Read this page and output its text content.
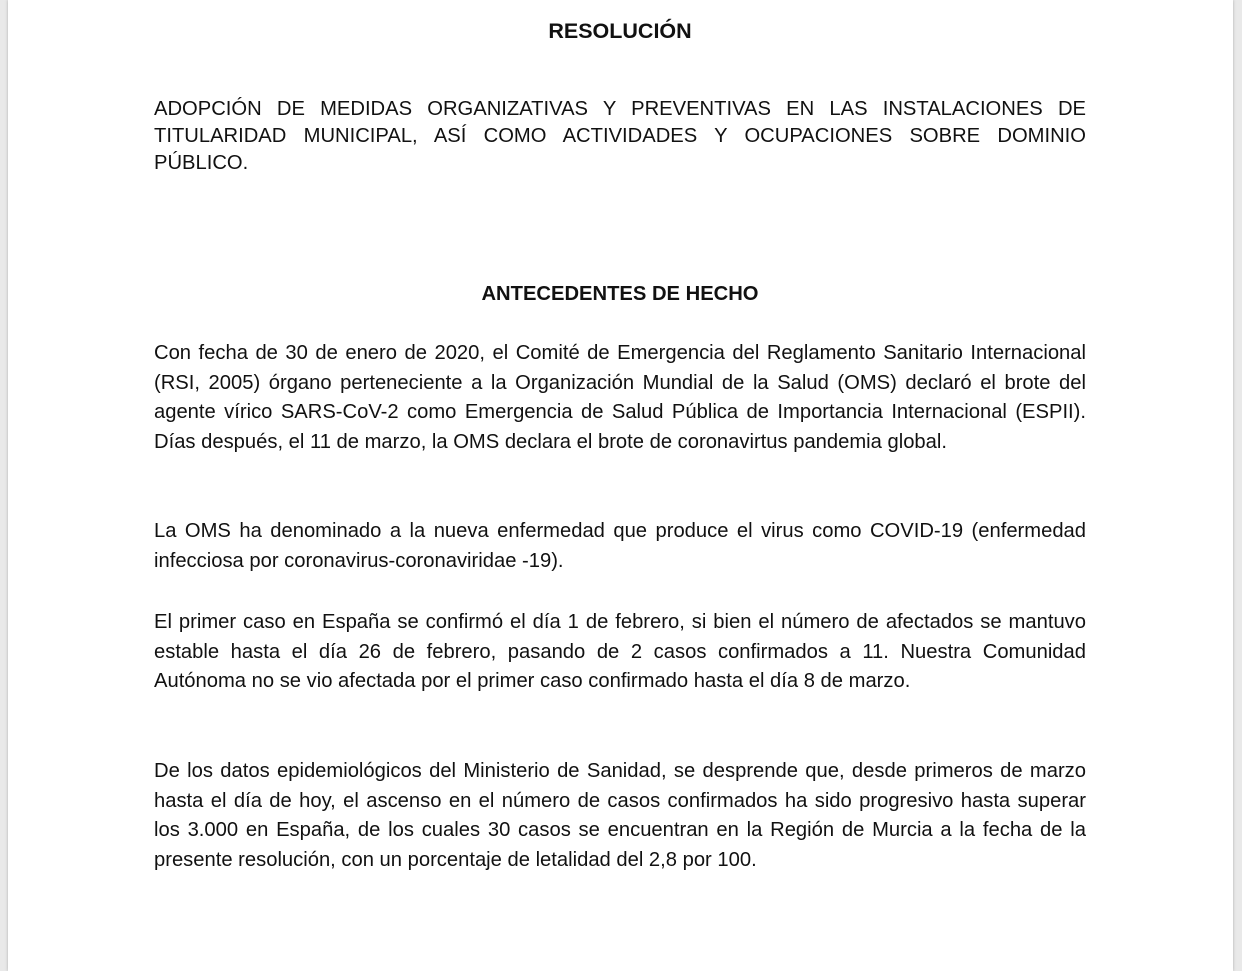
RESOLUCIÓN

ADOPCIÓN DE MEDIDAS ORGANIZATIVAS Y PREVENTIVAS EN LAS INSTALACIONES DE TITULARIDAD MUNICIPAL, ASÍ COMO ACTIVIDADES Y OCUPACIONES SOBRE DOMINIO PÚBLICO.

ANTECEDENTES DE HECHO

Con fecha de 30 de enero de 2020, el Comité de Emergencia del Reglamento Sanitario Internacional (RSI, 2005) órgano perteneciente a la Organización Mundial de la Salud (OMS) declaró el brote del agente vírico SARS-CoV-2 como Emergencia de Salud Pública de Importancia Internacional (ESPII). Días después, el 11 de marzo, la OMS declara el brote de coronavirtus pandemia global.

La OMS ha denominado a la nueva enfermedad que produce el virus como COVID-19 (enfermedad infecciosa por coronavirus-coronaviridae -19).

El primer caso en España se confirmó el día 1 de febrero, si bien el número de afectados se mantuvo estable hasta el día 26 de febrero, pasando de 2 casos confirmados a 11. Nuestra Comunidad Autónoma no se vio afectada por el primer caso confirmado hasta el día 8 de marzo.

De los datos epidemiológicos del Ministerio de Sanidad, se desprende que, desde primeros de marzo hasta el día de hoy, el ascenso en el número de casos confirmados ha sido progresivo hasta superar los 3.000 en España, de los cuales 30 casos se encuentran en la Región de Murcia a la fecha de la presente resolución, con un porcentaje de letalidad del 2,8 por 100.
